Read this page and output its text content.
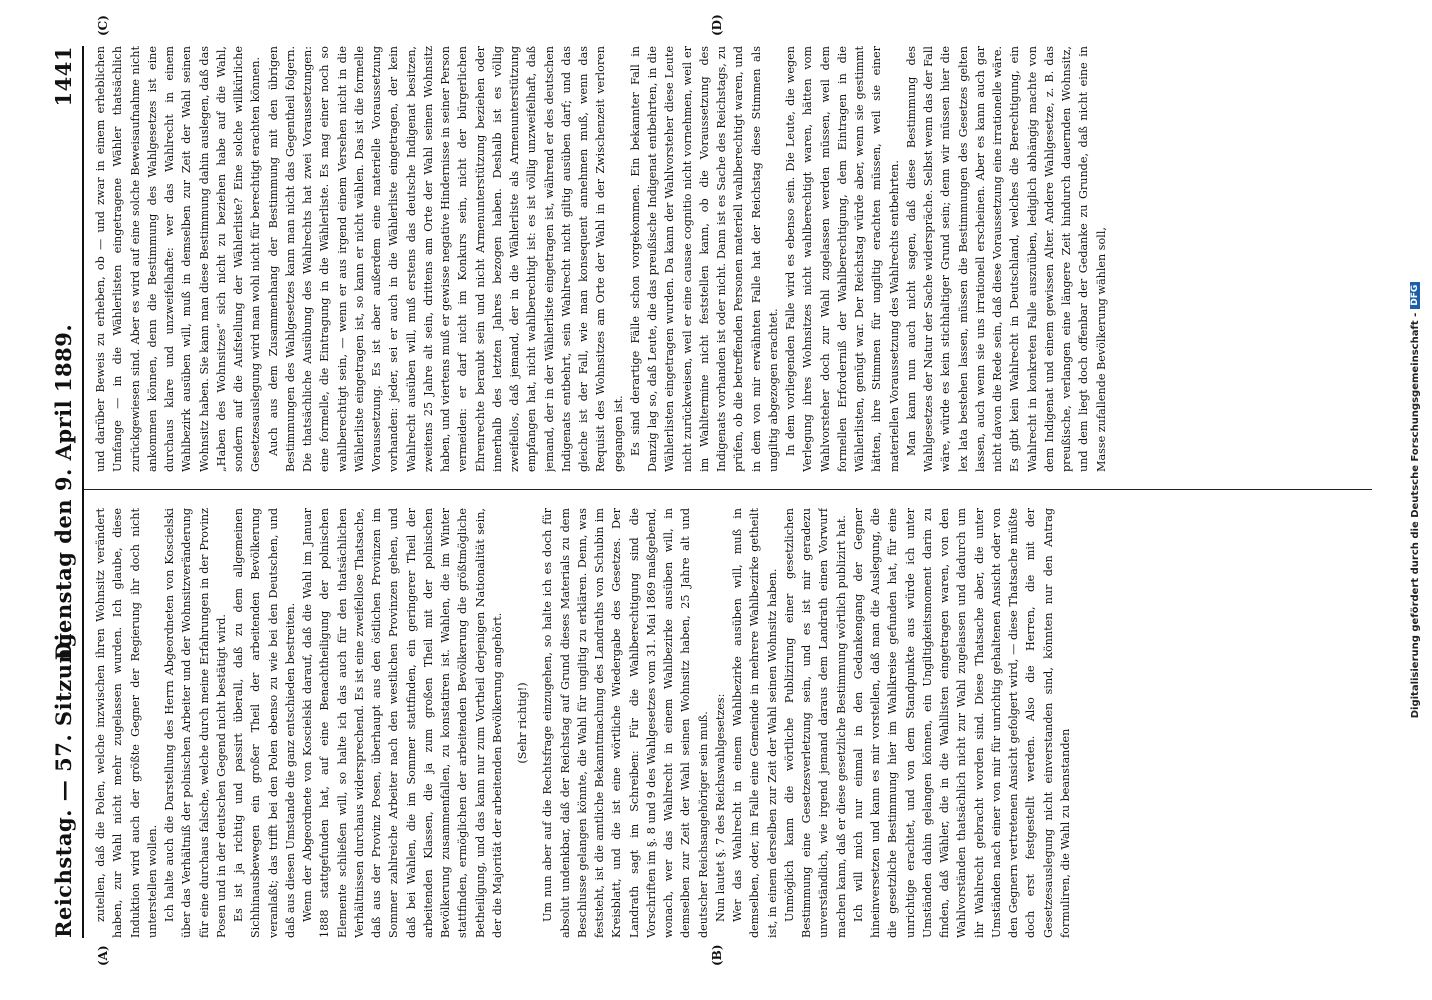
Reichstag. — 57. Sitzung.
Dienstag den 9. April 1889.
1441
(A)	(B)
(C)	(D)

zutellen, daß die Polen, welche inzwischen ihren Wohnsitz verändert haben, zur Wahl nicht mehr zugelassen wurden. Ich glaube, diese Induktion wird auch der größte Gegner der Regierung ihr doch nicht unterstellen wollen. Ich halte auch die Darstellung des Herrn Abgeordneten von Koscielski über das Verhältniß der polnischen Arbeiter und der Wohnsitzveränderung für eine durchaus falsche, welche durch meine Erfahrungen in der Provinz Posen und in der deutschen Gegend nicht bestätigt wird. Es ist ja richtig und passirt überall, daß zu dem allgemeinen Sichhinausbewegen ein großer Theil der arbeitenden Bevölkerung veranlaßt; das trifft bei den Polen ebenso zu wie bei den Deutschen, und daß aus diesen Umstande die ganz entschieden bestreiten. Wenn der Abgeordnete von Koscielski darauf, daß die Wahl im Januar 1888 stattgefunden hat, auf eine Benachtheiligung der polnischen Elemente schließen will, so halte ich das auch für den thatsächlichen Verhältnissen durchaus widersprechend. Es ist eine zweifellose Thatsache, daß aus der Provinz Posen, überhaupt aus den östlichen Provinzen im Sommer zahlreiche Arbeiter nach den westlichen Provinzen gehen, und daß bei Wahlen, die im Sommer stattfinden, ein geringerer Theil der arbeitenden Klassen, die ja zum großen Theil mit der polnischen Bevölkerung zusammenfallen, zu konstatiren ist. Wahlen, die im Winter stattfinden, ermöglichen der arbeitenden Bevölkerung die größtmögliche Betheiligung, und das kann nur zum Vortheil derjenigen Nationalität sein, der die Majorität der arbeitenden Bevölkerung angehört. (Sehr richtig!) Um nun aber auf die Rechtsfrage einzugehen, so halte ich es doch für absolut undenkbar, daß der Reichstag auf Grund dieses Materials zu dem Beschlusse gelangen könnte, die Wahl für ungiltig zu erklären. Denn, was feststeht, ist die amtliche Bekanntmachung des Landraths von Schubin im Kreisblatt, und die ist eine wörtliche Wiedergabe des Gesetzes. Der Landrath sagt im Schreiben: Für die Wahlberechtigung sind die Vorschriften im §. 8 und 9 des Wahlgesetzes vom 31. Mai 1869 maßgebend, wonach, wer das Wahlrecht in einem Wahlbezirke ausüben will, in demselben zur Zeit der Wahl seinen Wohnsitz haben, 25 Jahre alt und deutscher Reichsangehöriger sein muß. Nun lautet §. 7 des Reichswahlgesetzes: Wer das Wahlrecht in einem Wahlbezirke ausüben will, muß in demselben, oder, im Falle eine Gemeinde in mehrere Wahlbezirke getheilt ist, in einem derselben zur Zeit der Wahl seinen Wohnsitz haben. Unmöglich kann die wörtliche Publizirung einer gesetzlichen Bestimmung eine Gesetzesverletzung sein, und es ist mir geradezu unverständlich, wie irgend jemand daraus dem Landrath einen Vorwurf machen kann, daß er diese gesetzliche Bestimmung wörtlich publizirt hat. Ich will mich nur einmal in den Gedankengang der Gegner hineinversetzen und kann es mir vorstellen, daß man die Auslegung, die die gesetzliche Bestimmung hier im Wahlkreise gefunden hat, für eine unrichtige erachtet, und von dem Standpunkte aus würde ich unter Umständen dahin gelangen können, ein Ungiltigkeitsmoment darin zu finden, daß Wähler, die in die Wahllisten eingetragen waren, von den Wahlvorständen thatsächlich nicht zur Wahl zugelassen und dadurch um ihr Wahlrecht gebracht worden sind. Diese Thatsache aber, die unter Umständen nach einer von mir für unrichtig gehaltenen Ansicht oder von den Gegnern vertretenen Ansicht gefolgert wird, — diese Thatsache müßte doch erst festgestellt werden. Also die Herren, die mit der Gesetzesauslegung nicht einverstanden sind, könnten nur den Antrag formuliren, die Wahl zu beanstanden

und darüber Beweis zu erheben, ob — und zwar in einem erheblichen Umfange — in die Wählerlisten eingetragene Wähler thatsächlich zurückgewiesen sind. Aber es wird auf eine solche Beweisaufnahme nicht ankommen können, denn die Bestimmung des Wahlgesetzes ist eine durchaus klare und unzweifelhafte: wer das Wahlrecht in einem Wahlbezirk ausüben will, muß in demselben zur Zeit der Wahl seinen Wohnsitz haben. Sie kann man diese Bestimmung dahin auslegen, daß das „Haben des Wohnsitzes“ sich nicht zu beziehen habe auf die Wahl, sondern auf die Aufstellung der Wählerliste? Eine solche willkürliche Gesetzesauslegung wird man wohl nicht für berechtigt erachten können. Auch aus dem Zusammenhang der Bestimmung mit den übrigen Bestimmungen des Wahlgesetzes kann man nicht das Gegentheil folgern. Die thatsächliche Ausübung des Wahlrechts hat zwei Voraussetzungen: eine formelle, die Eintragung in die Wählerliste. Es mag einer noch so wahlberechtigt sein, — wenn er aus irgend einem Versehen nicht in die Wählerliste eingetragen ist, so kann er nicht wählen. Das ist die formelle Voraussetzung. Es ist aber außerdem eine materielle Voraussetzung vorhanden: jeder, sei er auch in die Wählerliste eingetragen, der kein Wahlrecht ausüben will, muß erstens das deutsche Indigenat besitzen, zweitens 25 Jahre alt sein, drittens am Orte der Wahl seinen Wohnsitz haben, und viertens muß er gewisse negative Hindernisse in seiner Person vermeiden: er darf nicht im Konkurs sein, nicht der bürgerlichen Ehrenrechte beraubt sein und nicht Armenunterstützung beziehen oder innerhalb des letzten Jahres bezogen haben. Deshalb ist es völlig zweifellos, daß jemand, der in die Wählerliste als Armenunterstützung empfangen hat, nicht wahlberechtigt ist: es ist völlig unzweifelhaft, daß jemand, der in der Wählerliste eingetragen ist, während er des deutschen Indigenats entbehrt, sein Wahlrecht nicht giltig ausüben darf; und das gleiche ist der Fall, wie man konsequent annehmen muß, wenn das Requisit des Wohnsitzes am Orte der Wahl in der Zwischenzeit verloren gegangen ist. Es sind derartige Fälle schon vorgekommen. Ein bekannter Fall in Danzig lag so, daß Leute, die das preußische Indigenat entbehrten, in die Wählerlisten eingetragen wurden. Da kann der Wahlvorsteher diese Leute nicht zurückweisen, weil er eine causae cognitio nicht vornehmen, weil er im Wahltermine nicht feststellen kann, ob die Voraussetzung des Indigenats vorhanden ist oder nicht. Dann ist es Sache des Reichstags, zu prüfen, ob die betreffenden Personen materiell wahlberechtigt waren, und in dem von mir erwähnten Falle hat der Reichstag diese Stimmen als ungiltig abgezogen erachtet. In dem vorliegenden Falle wird es ebenso sein. Die Leute, die wegen Verlegung ihres Wohnsitzes nicht wahlberechtigt waren, hätten vom Wahlvorsteher doch zur Wahl zugelassen werden müssen, weil dem formellen Erforderniß der Wahlberechtigung, dem Eintragen in die Wählerlisten, genügt war. Der Reichstag würde aber, wenn sie gestimmt hätten, ihre Stimmen für ungiltig erachten müssen, weil sie einer materiellen Voraussetzung des Wahlrechts entbehrten. Man kann nun auch nicht sagen, daß diese Bestimmung des Wahlgesetzes der Natur der Sache widerspräche. Selbst wenn das der Fall wäre, würde es kein stichhaltiger Grund sein; denn wir müssen hier die lex lata bestehen lassen, müssen die Bestimmungen des Gesetzes gelten lassen, auch wenn sie uns irrationell erscheinen. Aber es kann auch gar nicht davon die Rede sein, daß diese Voraussetzung eine irrationelle wäre. Es gibt kein Wahlrecht in Deutschland, welches die Berechtigung, ein Wahlrecht in konkreten Falle auszuüben, lediglich abhängig machte von dem Indigenat und einem gewissen Alter. Andere Wahlgesetze, z. B. das preußische, verlangen eine längere Zeit hindurch dauernden Wohnsitz, und dem liegt doch offenbar der Gedanke zu Grunde, daß nicht eine in Masse zufallende Bevölkerung wählen soll,	Digitalisierung gefördert durch die Deutsche Forschungsgemeinschaft -DFG
